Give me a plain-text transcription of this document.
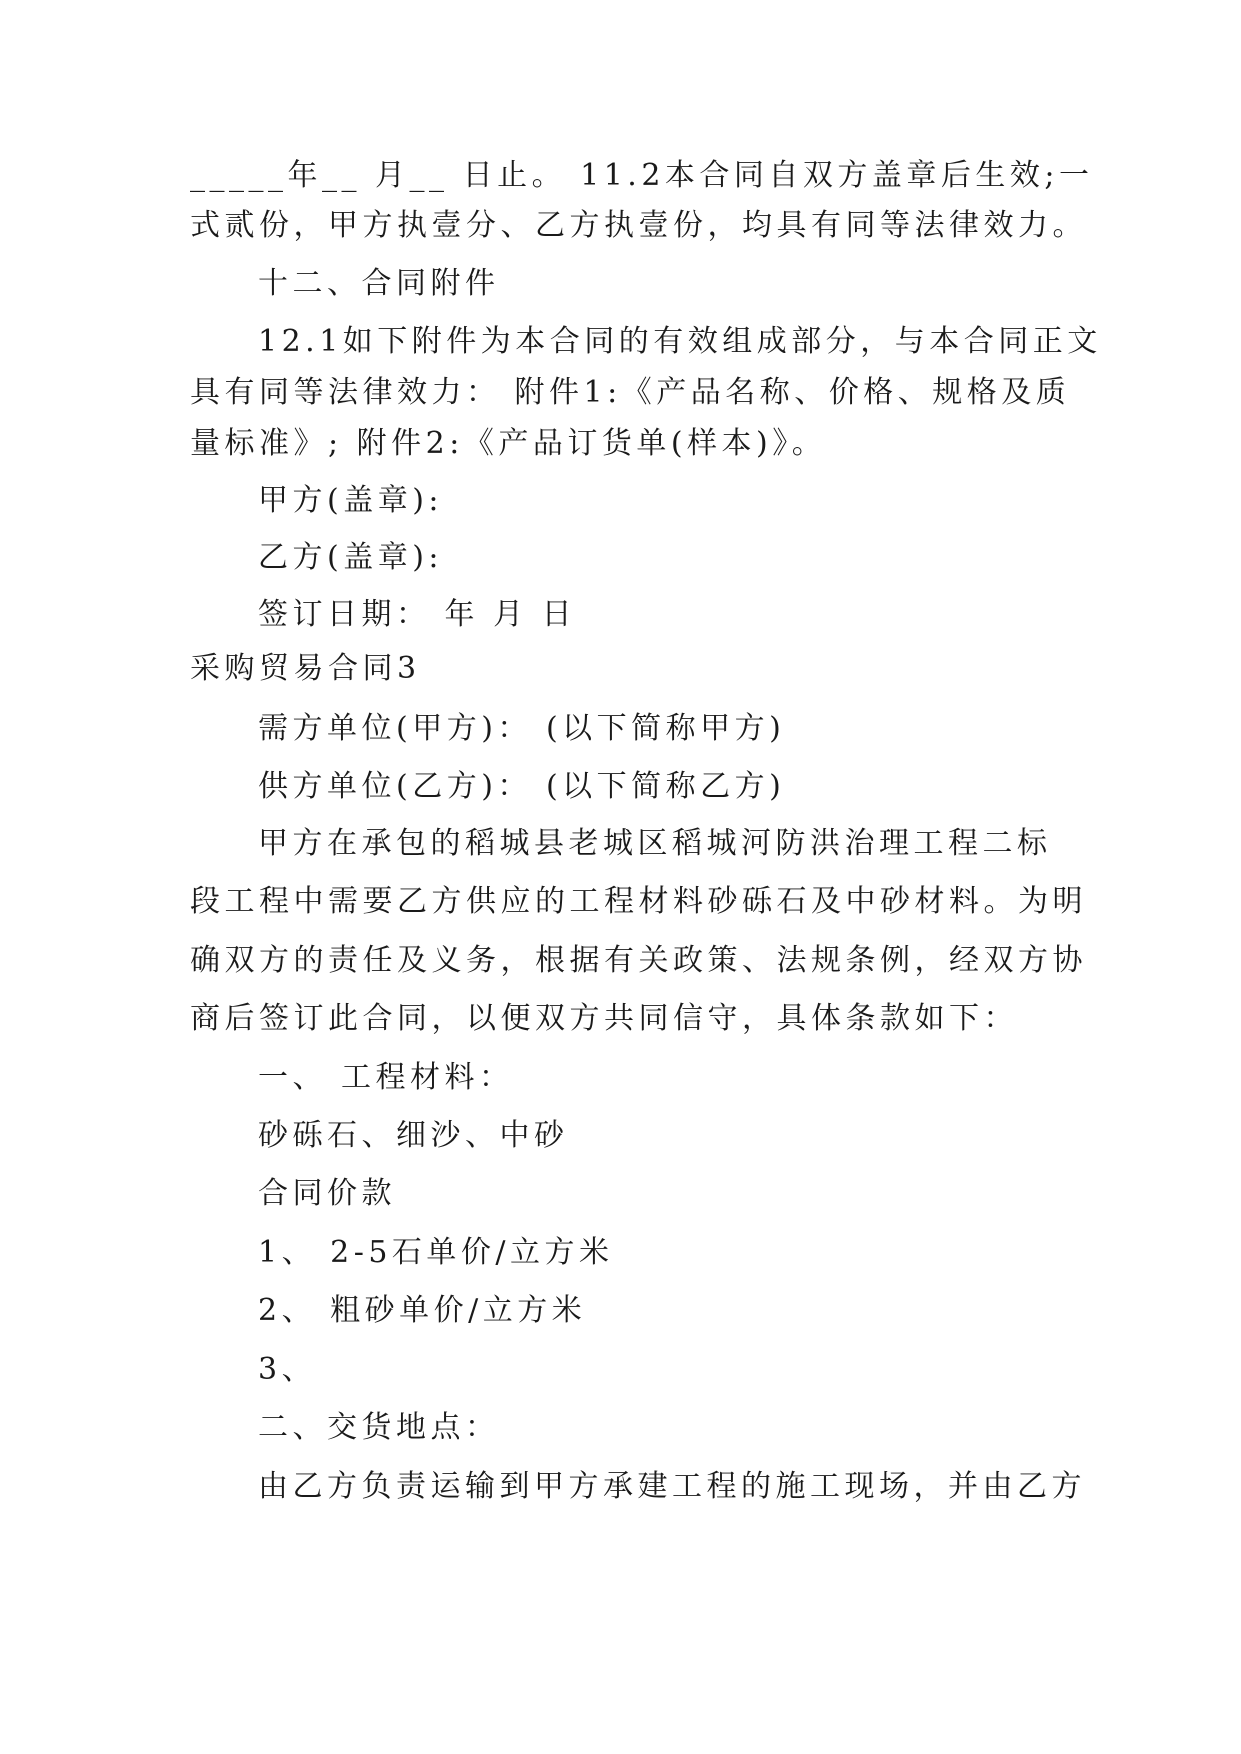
_____年__ 月__ 日止。 11.2本合同自双方盖章后生效;一
式贰份，甲方执壹分、乙方执壹份，均具有同等法律效力。
十二、合同附件
12.1如下附件为本合同的有效组成部分，与本合同正文
具有同等法律效力： 附件1:《产品名称、价格、规格及质
量标准》; 附件2:《产品订货单(样本)》。
甲方(盖章):
乙方(盖章):
签订日期： 年 月 日
采购贸易合同3
需方单位(甲方)： (以下简称甲方)
供方单位(乙方)： (以下简称乙方)
甲方在承包的稻城县老城区稻城河防洪治理工程二标
段工程中需要乙方供应的工程材料砂砾石及中砂材料。为明
确双方的责任及义务，根据有关政策、法规条例，经双方协
商后签订此合同，以便双方共同信守，具体条款如下：
一、 工程材料：
砂砾石、细沙、中砂
合同价款
1、 2-5石单价/立方米
2、 粗砂单价/立方米
3、
二、交货地点：
由乙方负责运输到甲方承建工程的施工现场，并由乙方
